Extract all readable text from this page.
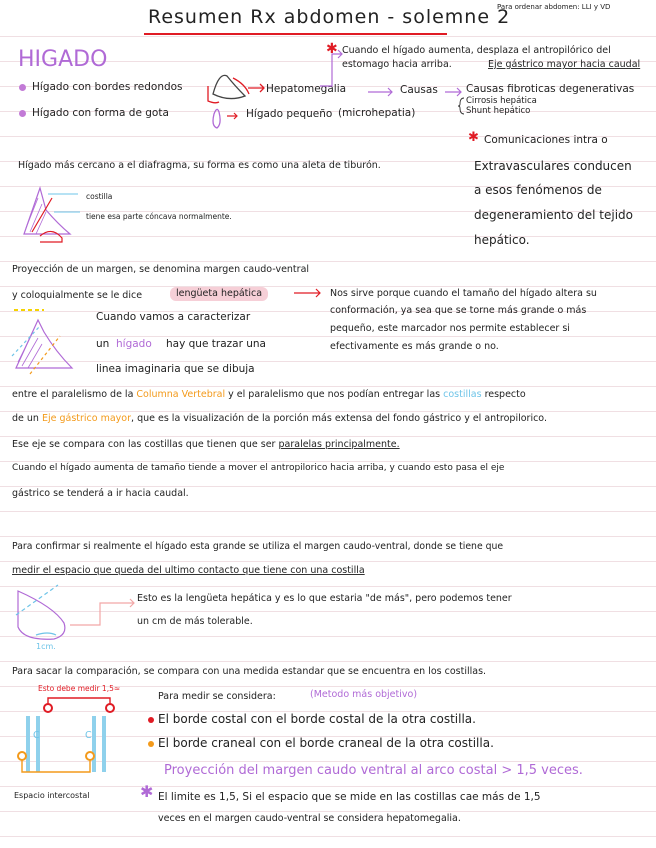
Resumen Rx abdomen - solemne 2
Para ordenar abdomen: LLI y VD
HIGADO
Hígado con bordes redondos
Hígado con forma de gota
Hepatomegalia
Hígado pequeño (microhepatia)
✱ Cuando el hígado aumenta, desplaza el antropilórico del
estomago hacia arriba.	Eje gástrico mayor hacia caudal
Causas	Causas fibroticas degenerativas
Cirrosis hepática
Shunt hepático
✱ Comunicaciones intra o
Extravasculares conducen
a esos fenómenos de
degeneramiento del tejido
hepático.
Hígado más cercano a el diafragma, su forma es como una aleta de tiburón.
costilla
tiene esa parte cóncava normalmente.
Proyección de un margen, se denomina margen caudo-ventral
y coloquialmente se le dice	lengüeta hepática	Nos sirve porque cuando el tamaño del hígado altera su
conformación, ya sea que se torne más grande o más
pequeño, este marcador nos permite establecer si
efectivamente es más grande o no.
Cuando vamos a caracterizar
un hígado hay que trazar una
linea imaginaria que se dibuja
entre el paralelismo de la Columna Vertebral y el paralelismo que nos podían entregar las costillas respecto
de un Eje gástrico mayor, que es la visualización de la porción más extensa del fondo gástrico y el antropilorico.
Ese eje se compara con las costillas que tienen que ser paralelas principalmente.
Cuando el hígado aumenta de tamaño tiende a mover el antropilorico hacia arriba, y cuando esto pasa el eje
gástrico se tenderá a ir hacia caudal.
Para confirmar si realmente el hígado esta grande se utiliza el margen caudo-ventral, donde se tiene que
medir el espacio que queda del ultimo contacto que tiene con una costilla
1cm.
Esto es la lengüeta hepática y es lo que estaria "de más", pero podemos tener
un cm de más tolerable.
Para sacar la comparación, se compara con una medida estandar que se encuentra en los costillas.
Esto debe medir 1,5≈
C	C
Espacio intercostal
Para medir se considera:	(Metodo más objetivo)
El borde costal con el borde costal de la otra costilla.
El borde craneal con el borde craneal de la otra costilla.
Proyección del margen caudo ventral al arco costal > 1,5 veces.
✱ El limite es 1,5, Si el espacio que se mide en las costillas cae más de 1,5
veces en el margen caudo-ventral se considera hepatomegalia.
